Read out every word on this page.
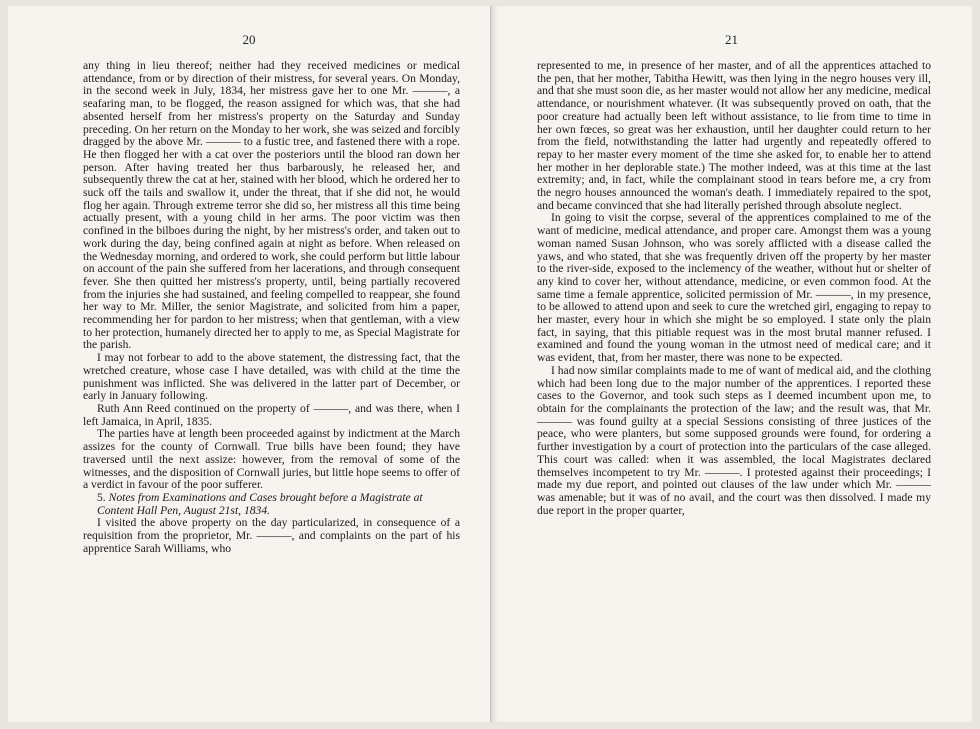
20

any thing in lieu thereof; neither had they received medicines or medical attendance, from or by direction of their mistress, for several years. On Monday, in the second week in July, 1834, her mistress gave her to one Mr. ———, a seafaring man, to be flogged, the reason assigned for which was, that she had absented herself from her mistress's property on the Saturday and Sunday preceding. On her return on the Monday to her work, she was seized and forcibly dragged by the above Mr. ——— to a fustic tree, and fastened there with a rope. He then flogged her with a cat over the posteriors until the blood ran down her person. After having treated her thus barbarously, he released her, and subsequently threw the cat at her, stained with her blood, which he ordered her to suck off the tails and swallow it, under the threat, that if she did not, he would flog her again. Through extreme terror she did so, her mistress all this time being actually present, with a young child in her arms. The poor victim was then confined in the bilboes during the night, by her mistress's order, and taken out to work during the day, being confined again at night as before. When released on the Wednesday morning, and ordered to work, she could perform but little labour on account of the pain she suffered from her lacerations, and through consequent fever. She then quitted her mistress's property, until, being partially recovered from the injuries she had sustained, and feeling compelled to reappear, she found her way to Mr. Miller, the senior Magistrate, and solicited from him a paper, recommending her for pardon to her mistress; when that gentleman, with a view to her protection, humanely directed her to apply to me, as Special Magistrate for the parish.

I may not forbear to add to the above statement, the distressing fact, that the wretched creature, whose case I have detailed, was with child at the time the punishment was inflicted. She was delivered in the latter part of December, or early in January following.

Ruth Ann Reed continued on the property of ———, and was there, when I left Jamaica, in April, 1835.

The parties have at length been proceeded against by indictment at the March assizes for the county of Cornwall. True bills have been found; they have traversed until the next assize: however, from the removal of some of the witnesses, and the disposition of Cornwall juries, but little hope seems to offer of a verdict in favour of the poor sufferer.

5. Notes from Examinations and Cases brought before a Magistrate at Content Hall Pen, August 21st, 1834.

I visited the above property on the day particularized, in consequence of a requisition from the proprietor, Mr. ———, and complaints on the part of his apprentice Sarah Williams, who

21

represented to me, in presence of her master, and of all the apprentices attached to the pen, that her mother, Tabitha Hewitt, was then lying in the negro houses very ill, and that she must soon die, as her master would not allow her any medicine, medical attendance, or nourishment whatever. (It was subsequently proved on oath, that the poor creature had actually been left without assistance, to lie from time to time in her own fœces, so great was her exhaustion, until her daughter could return to her from the field, notwithstanding the latter had urgently and repeatedly offered to repay to her master every moment of the time she asked for, to enable her to attend her mother in her deplorable state.) The mother indeed, was at this time at the last extremity; and, in fact, while the complainant stood in tears before me, a cry from the negro houses announced the woman's death. I immediately repaired to the spot, and became convinced that she had literally perished through absolute neglect.

In going to visit the corpse, several of the apprentices complained to me of the want of medicine, medical attendance, and proper care. Amongst them was a young woman named Susan Johnson, who was sorely afflicted with a disease called the yaws, and who stated, that she was frequently driven off the property by her master to the river-side, exposed to the inclemency of the weather, without hut or shelter of any kind to cover her, without attendance, medicine, or even common food. At the same time a female apprentice, solicited permission of Mr. ———, in my presence, to be allowed to attend upon and seek to cure the wretched girl, engaging to repay to her master, every hour in which she might be so employed. I state only the plain fact, in saying, that this pitiable request was in the most brutal manner refused. I examined and found the young woman in the utmost need of medical care; and it was evident, that, from her master, there was none to be expected.

I had now similar complaints made to me of want of medical aid, and the clothing which had been long due to the major number of the apprentices. I reported these cases to the Governor, and took such steps as I deemed incumbent upon me, to obtain for the complainants the protection of the law; and the result was, that Mr. ——— was found guilty at a special Sessions consisting of three justices of the peace, who were planters, but some supposed grounds were found, for ordering a further investigation by a court of protection into the particulars of the case alleged. This court was called: when it was assembled, the local Magistrates declared themselves incompetent to try Mr. ———. I protested against their proceedings; I made my due report, and pointed out clauses of the law under which Mr. ——— was amenable; but it was of no avail, and the court was then dissolved. I made my due report in the proper quarter,
